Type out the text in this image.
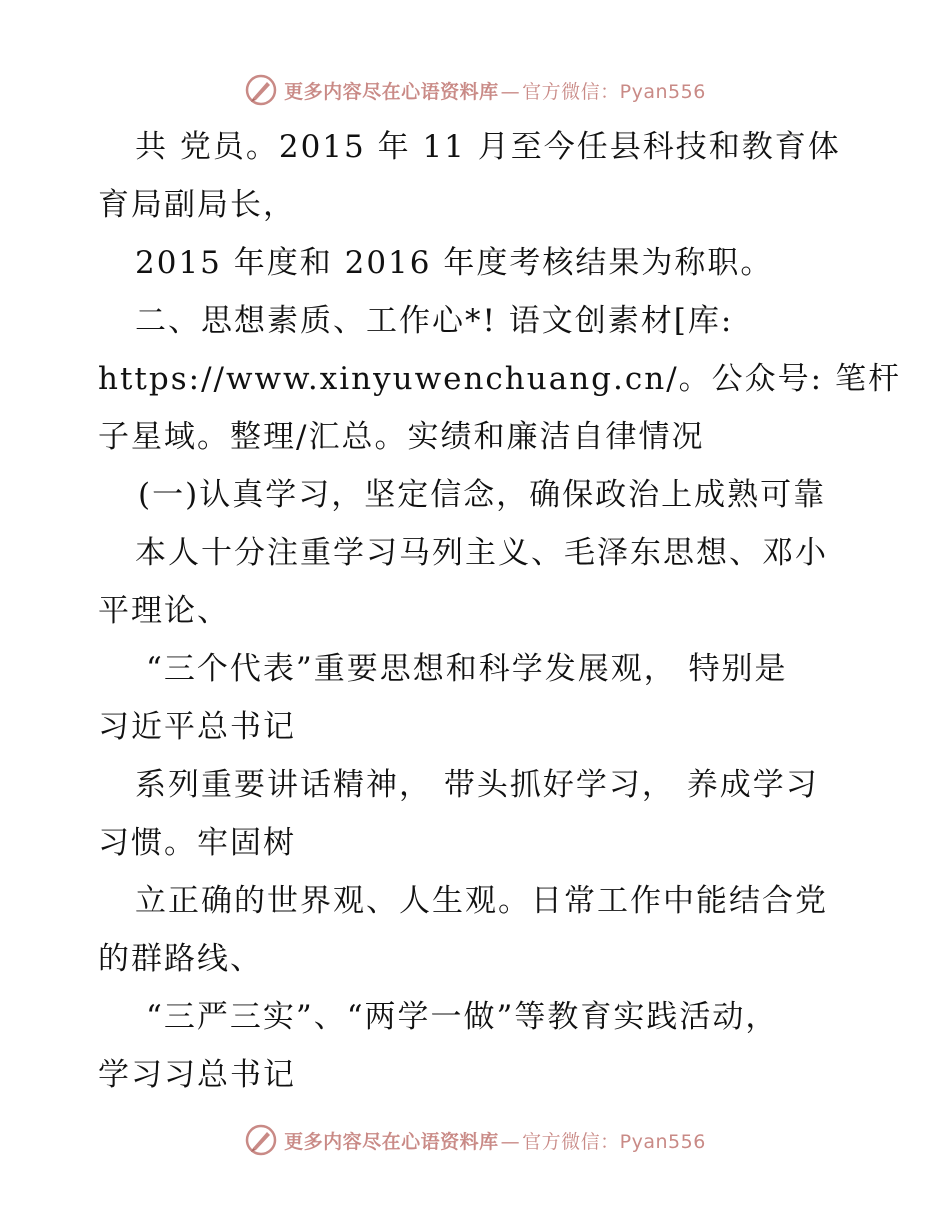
更多内容尽在心语资料库 — 官方微信：Pyan556
共 党员。2015 年 11 月至今任县科技和教育体
育局副局长，
2015 年度和 2016 年度考核结果为称职。
二、思想素质、工作心*! 语文创素材[库:
https://www.xinyuwenchuang.cn/。公众号: 笔杆
子星域。整理/汇总。实绩和廉洁自律情况
(一)认真学习，坚定信念，确保政治上成熟可靠
本人十分注重学习马列主义、毛泽东思想、邓小
平理论、
“三个代表”重要思想和科学发展观， 特别是
习近平总书记
系列重要讲话精神， 带头抓好学习， 养成学习
习惯。牢固树
立正确的世界观、人生观。日常工作中能结合党
的群路线、
“三严三实”、“两学一做”等教育实践活动，
学习习总书记
更多内容尽在心语资料库 — 官方微信：Pyan556
